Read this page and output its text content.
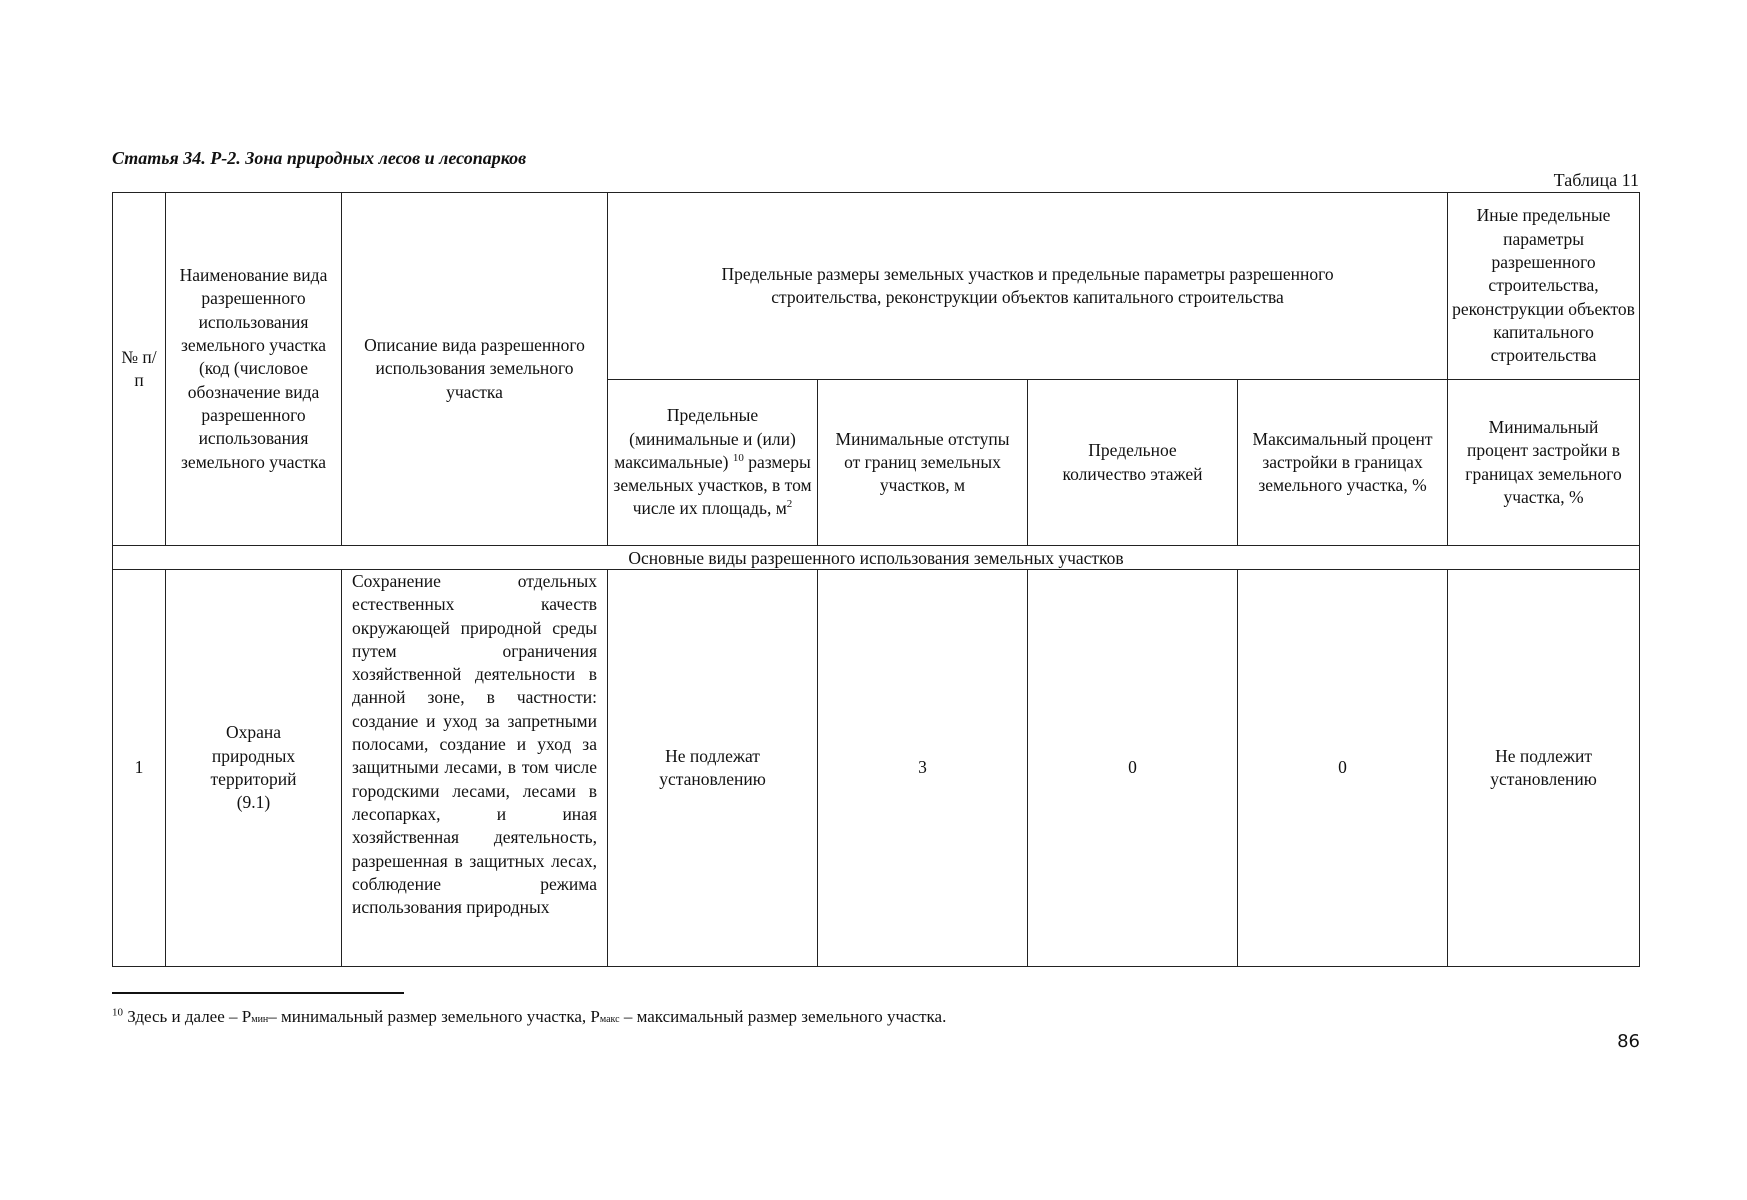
Статья 34. Р-2. Зона природных лесов и лесопарков
Таблица 11
№ п/п	Наименование вида разрешенного использования земельного участка (код (числовое обозначение вида разрешенного использования земельного участка	Описание вида разрешенного использования земельного участка	Предельные размеры земельных участков и предельные параметры разрешенного строительства, реконструкции объектов капитального строительства				Иные предельные параметры разрешенного строительства, реконструкции объектов капитального строительства
			Предельные (минимальные и (или) максимальные) $^{10}$ размеры земельных участков, в том числе их площадь, $м^2$	Минимальные отступы от границ земельных участков, м	Предельное количество этажей	Максимальный процент застройки в границах земельного участка, %	Минимальный процент застройки в границах земельного участка, %
Основные виды разрешенного использования земельных участков							
1	Охрана природных территорий (9.1)	Сохранение отдельных естественных качеств окружающей природной среды путем ограничения хозяйственной деятельности в данной зоне, в частности: создание и уход за запретными полосами, создание и уход за защитными лесами, в том числе городскими лесами, лесами в лесопарках, и иная хозяйственная деятельность, разрешенная в защитных лесах, соблюдение режима использования природных	Не подлежат установлению	3	0	0	Не подлежит установлению
$^{10}$ Здесь и далее – Рмин– минимальный размер земельного участка, Рмакс – максимальный размер земельного участка.
86
